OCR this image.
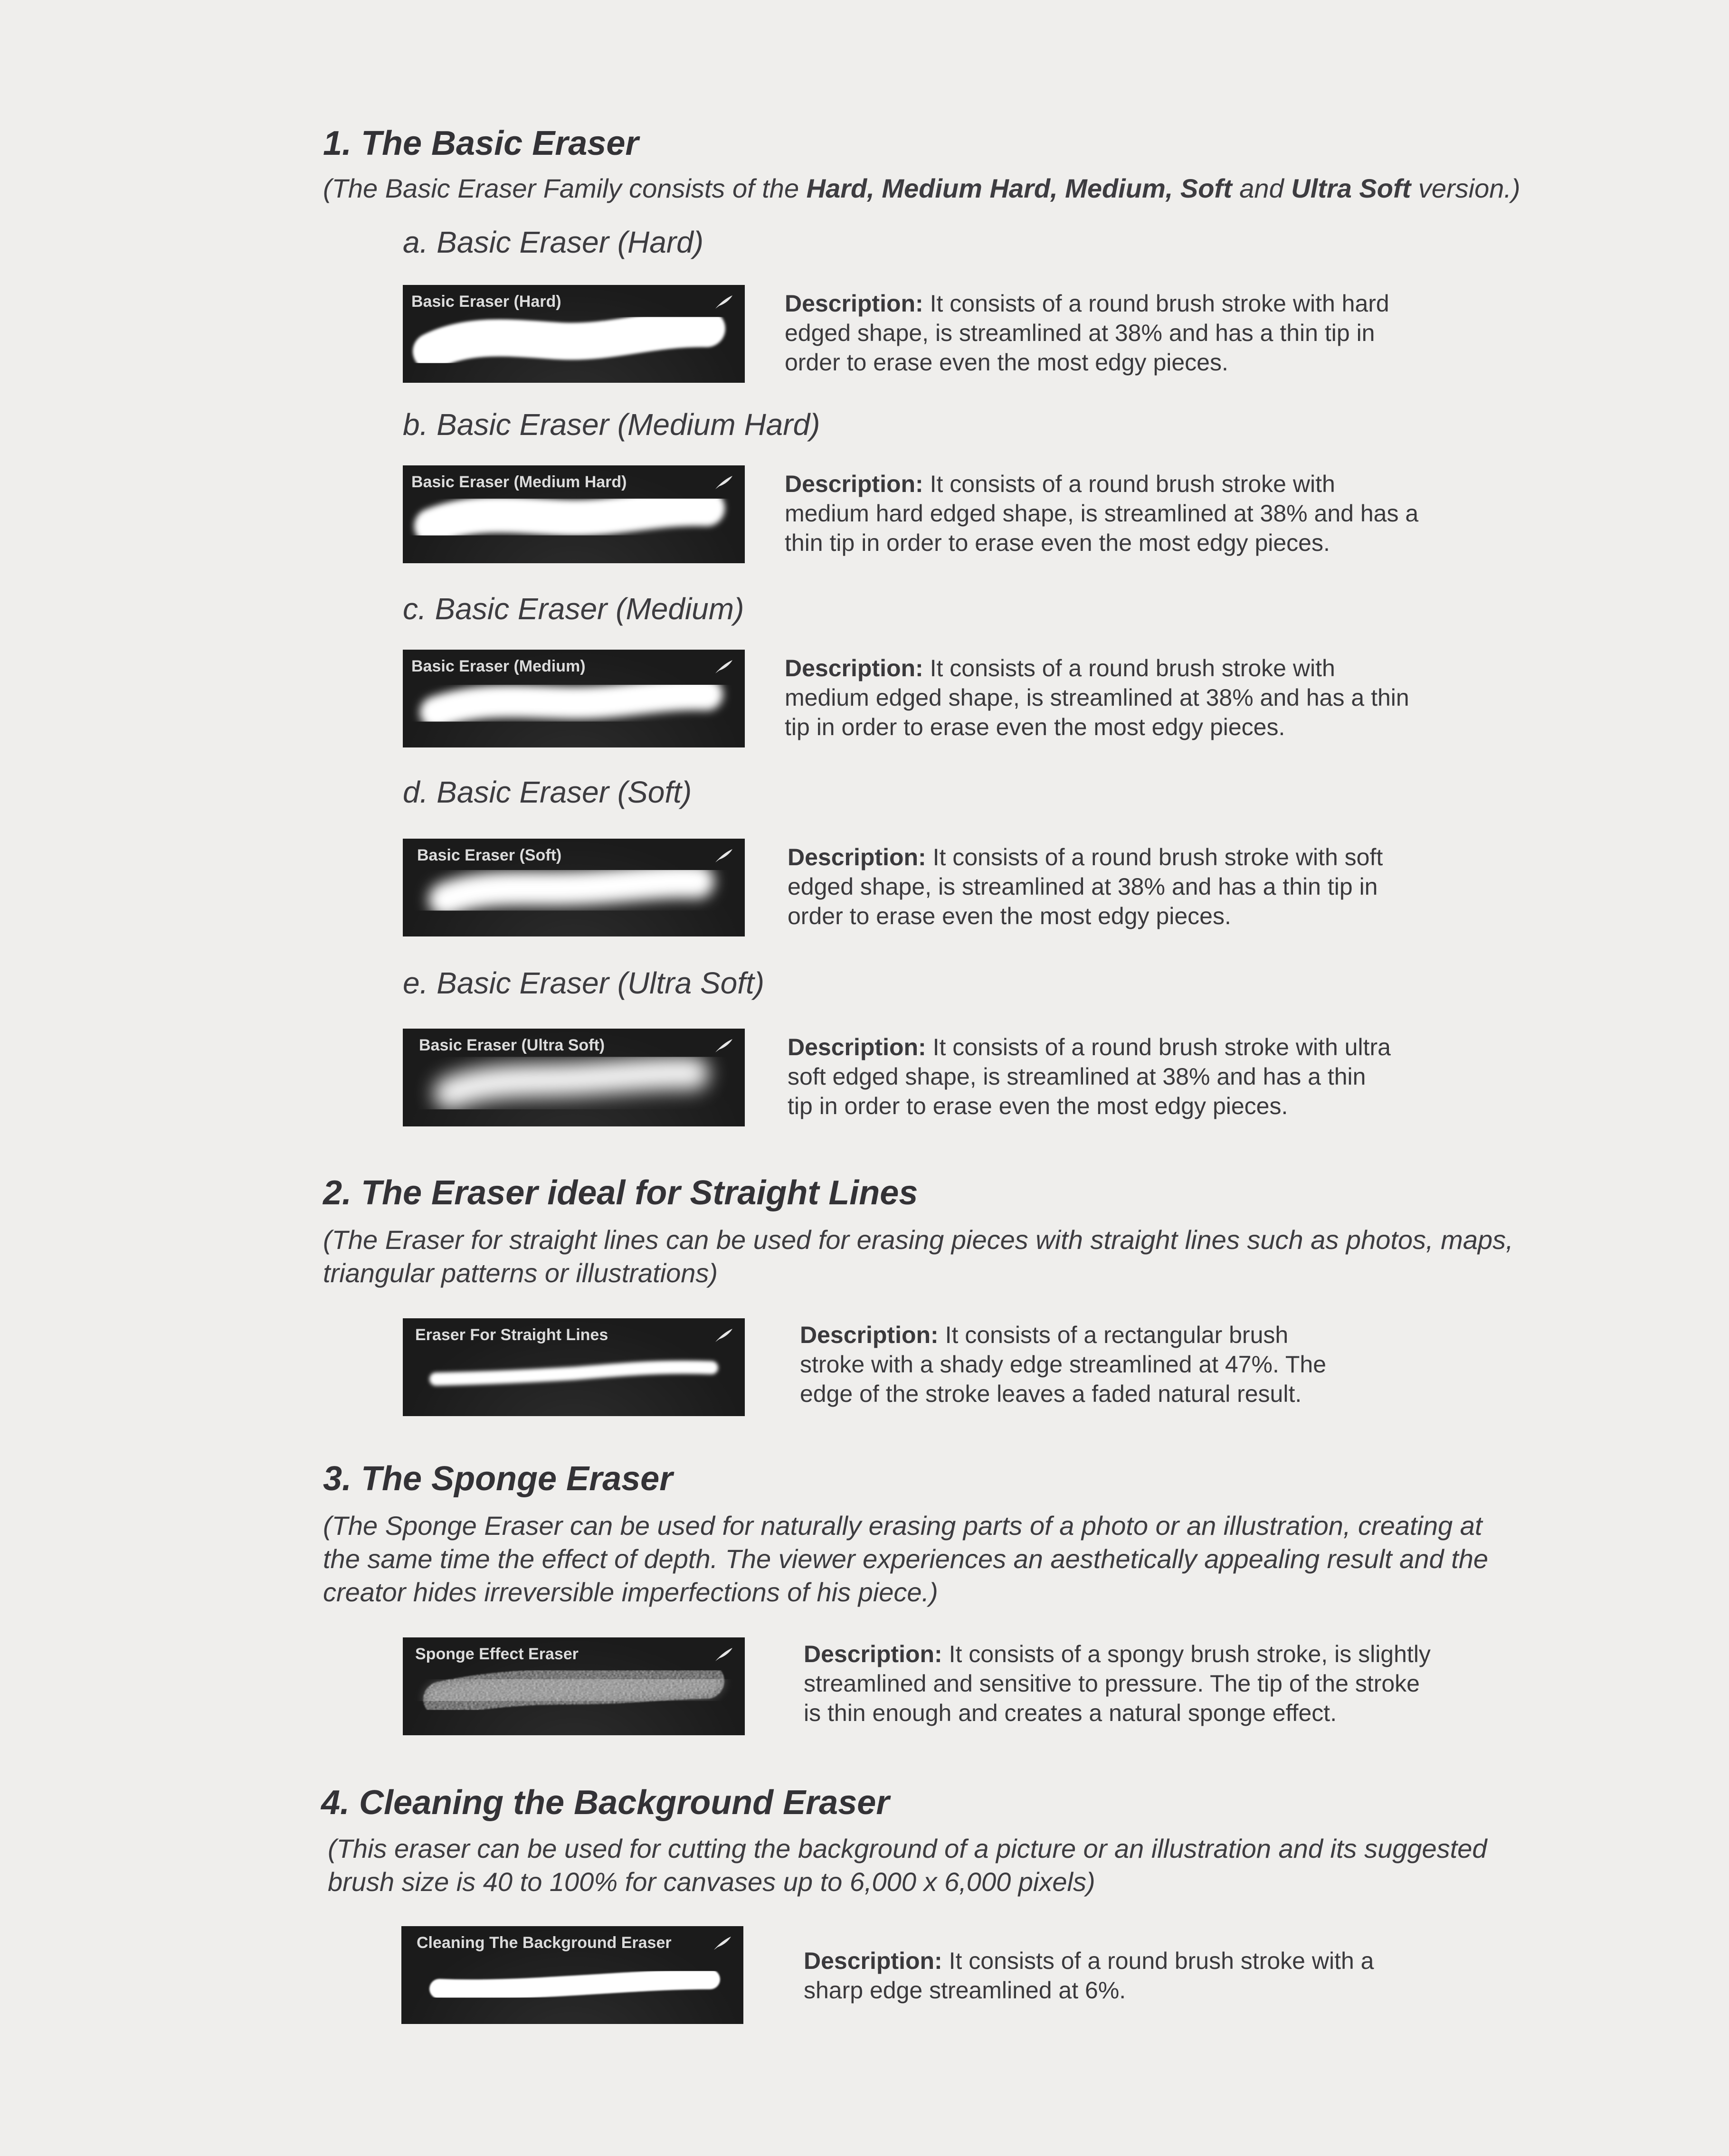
1. The Basic Eraser
(The Basic Eraser Family consists of the Hard, Medium Hard, Medium, Soft and Ultra Soft version.)
a. Basic Eraser (Hard)
Basic Eraser (Hard)	Description: It consists of a round brush stroke with hard
edged shape, is streamlined at 38% and has a thin tip in
order to erase even the most edgy pieces.
b. Basic Eraser (Medium Hard)
Basic Eraser (Medium Hard)	Description: It consists of a round brush stroke with
medium hard edged shape, is streamlined at 38% and has a
thin tip in order to erase even the most edgy pieces.
c. Basic Eraser (Medium)
Basic Eraser (Medium)	Description: It consists of a round brush stroke with
medium edged shape, is streamlined at 38% and has a thin
tip in order to erase even the most edgy pieces.
d. Basic Eraser (Soft)
Basic Eraser (Soft)	Description: It consists of a round brush stroke with soft
edged shape, is streamlined at 38% and has a thin tip in
order to erase even the most edgy pieces.
e. Basic Eraser (Ultra Soft)
Basic Eraser (Ultra Soft)	Description: It consists of a round brush stroke with ultra
soft edged shape, is streamlined at 38% and has a thin
tip in order to erase even the most edgy pieces.
2. The Eraser ideal for Straight Lines
(The Eraser for straight lines can be used for erasing pieces with straight lines such as photos, maps,
triangular patterns or illustrations)
Eraser For Straight Lines	Description: It consists of a rectangular brush
stroke with a shady edge streamlined at 47%. The
edge of the stroke leaves a faded natural result.
3. The Sponge Eraser
(The Sponge Eraser can be used for naturally erasing parts of a photo or an illustration, creating at
the same time the effect of depth. The viewer experiences an aesthetically appealing result and the
creator hides irreversible imperfections of his piece.)
Sponge Effect Eraser	Description: It consists of a spongy brush stroke, is slightly
streamlined and sensitive to pressure. The tip of the stroke
is thin enough and creates a natural sponge effect.
4. Cleaning the Background Eraser
(This eraser can be used for cutting the background of a picture or an illustration and its suggested
brush size is 40 to 100% for canvases up to 6,000 x 6,000 pixels)
Cleaning The Background Eraser
Description: It consists of a round brush stroke with a
sharp edge streamlined at 6%.
